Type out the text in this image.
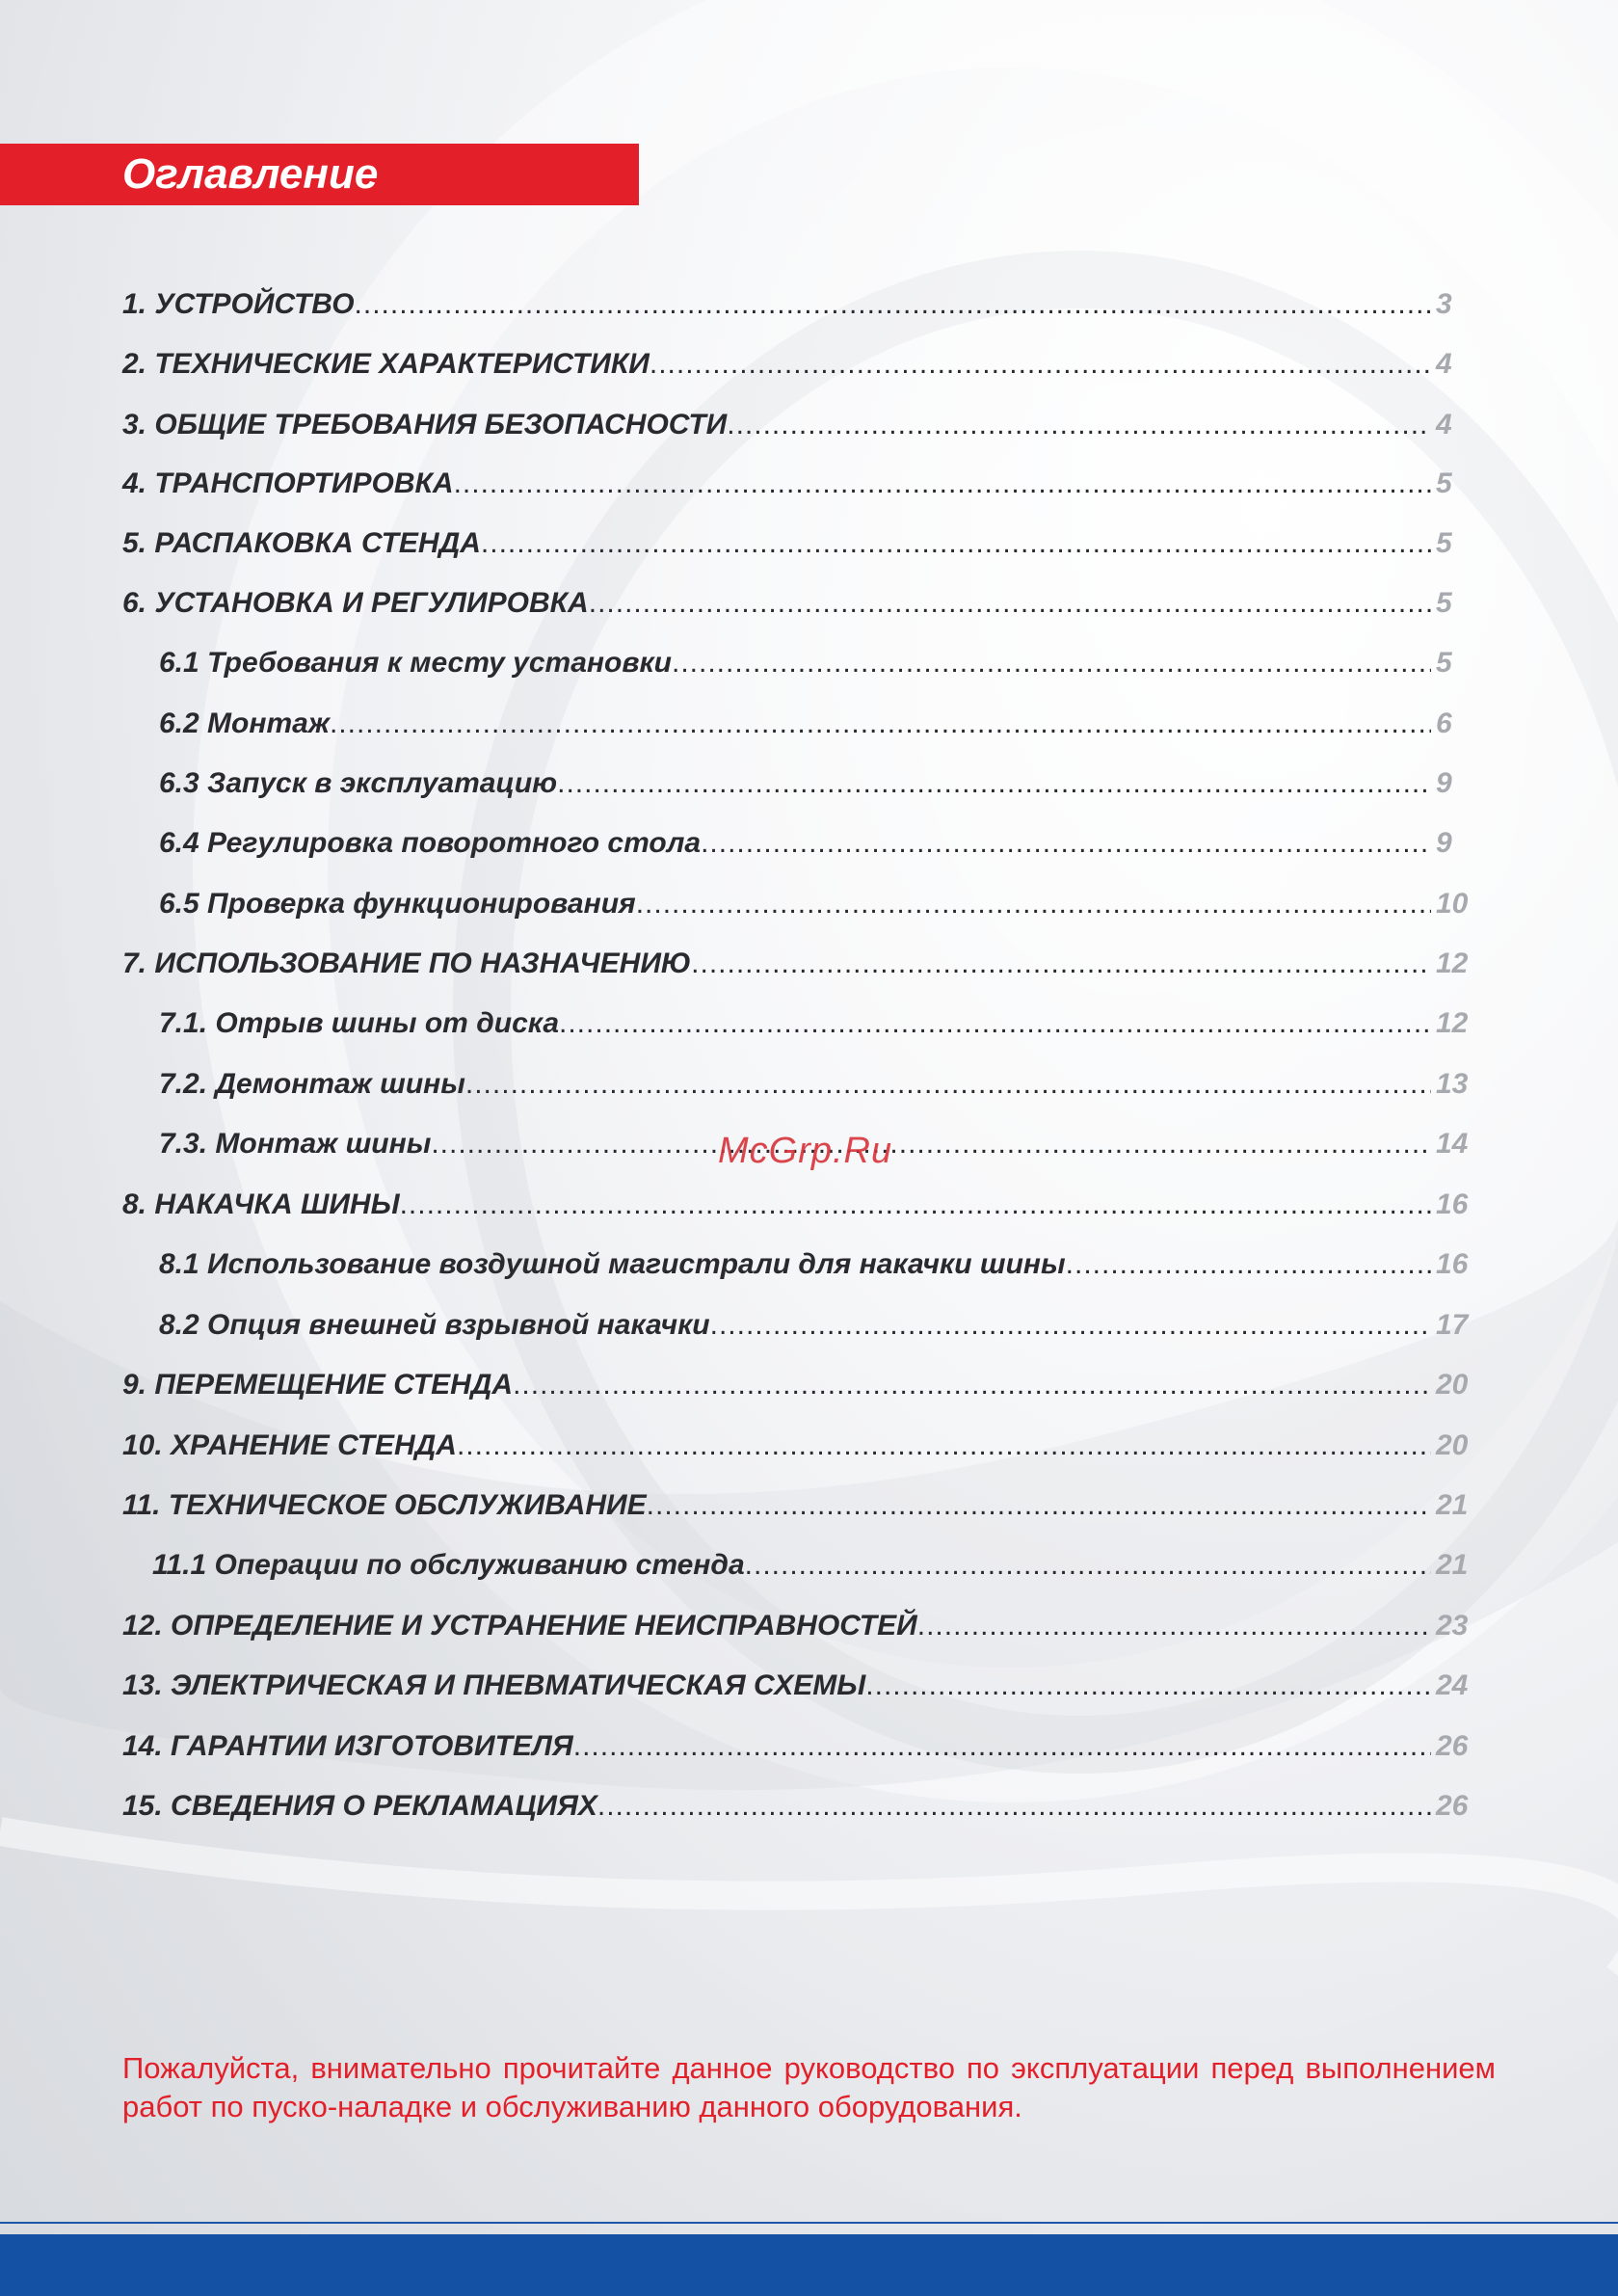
Оглавление
1. УСТРОЙСТВО .....	3
2. ТЕХНИЧЕСКИЕ ХАРАКТЕРИСТИКИ .....	4
3. ОБЩИЕ ТРЕБОВАНИЯ БЕЗОПАСНОСТИ .....	4
4. ТРАНСПОРТИРОВКА .....	5
5. РАСПАКОВКА СТЕНДА .....	5
6. УСТАНОВКА И РЕГУЛИРОВКА .....	5
6.1 Требования к месту установки .....	5
6.2 Монтаж .....	6
6.3 Запуск в эксплуатацию .....	9
6.4 Регулировка поворотного стола .....	9
6.5 Проверка функционирования .....	10
7. ИСПОЛЬЗОВАНИЕ ПО НАЗНАЧЕНИЮ .....	12
7.1. Отрыв шины от диска .....	12
7.2. Демонтаж шины .....	13
7.3. Монтаж шины .....	14
8. НАКАЧКА ШИНЫ .....	16
8.1 Использование воздушной магистрали для накачки шины .....	16
8.2 Опция внешней взрывной накачки .....	17
9. ПЕРЕМЕЩЕНИЕ СТЕНДА .....	20
10. ХРАНЕНИЕ СТЕНДА .....	20
11. ТЕХНИЧЕСКОЕ ОБСЛУЖИВАНИЕ .....	21
11.1 Операции по обслуживанию стенда .....	21
12. ОПРЕДЕЛЕНИЕ И УСТРАНЕНИЕ НЕИСПРАВНОСТЕЙ .....	23
13. ЭЛЕКТРИЧЕСКАЯ И ПНЕВМАТИЧЕСКАЯ СХЕМЫ .....	24
14. ГАРАНТИИ ИЗГОТОВИТЕЛЯ .....	26
15. СВЕДЕНИЯ О РЕКЛАМАЦИЯХ .....	26
McGrp.Ru
Пожалуйста, внимательно прочитайте данное руководство по эксплуатации перед выполнением работ по пуско-наладке и обслуживанию данного оборудования.
